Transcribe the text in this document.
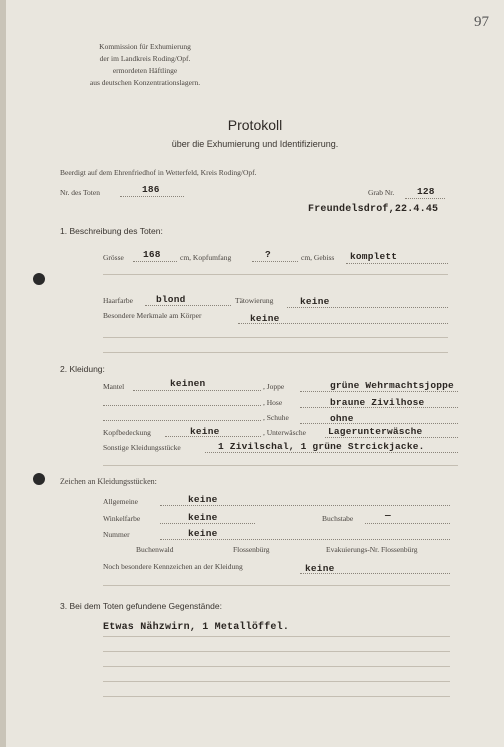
97
Kommission für Exhumierung
der im Landkreis Roding/Opf.
ermordeten Häftlinge
aus deutschen Konzentrationslagern.
Protokoll
über die Exhumierung und Identifizierung.
Beerdigt auf dem Ehrenfriedhof in Wetterfeld, Kreis Roding/Opf.
Nr. des Toten	186	Grab Nr. 128
Freundelsdrof,22.4.45
1. Beschreibung des Toten:
Grösse 168	cm, Kopfumfang	?	cm, Gebiss komplett
Haarfarbe blond	Tätowierung	keine
Besondere Merkmale am Körper	keine
2. Kleidung:
Mantel	keinen	, Joppe	grüne Wehrmachtsjoppe
, Hose	braune Zivilhose
, Schuhe	ohne
Kopfbedeckung	keine	, Unterwäsche Lagerunterwäsche
Sonstige Kleidungsstücke	1 Zivilschal, 1 grüne Strcickjacke.
Zeichen an Kleidungsstücken:
Allgemeine	keine
Winkelfarbe	keine	Buchstabe	—
Nummer	keine
Buchenwald	Flossenbürg	Evakuierungs-Nr. Flossenbürg
Noch besondere Kennzeichen an der Kleidung	keine
3. Bei dem Toten gefundene Gegenstände:
Etwas Nähzwirn, 1 Metallöffel.
